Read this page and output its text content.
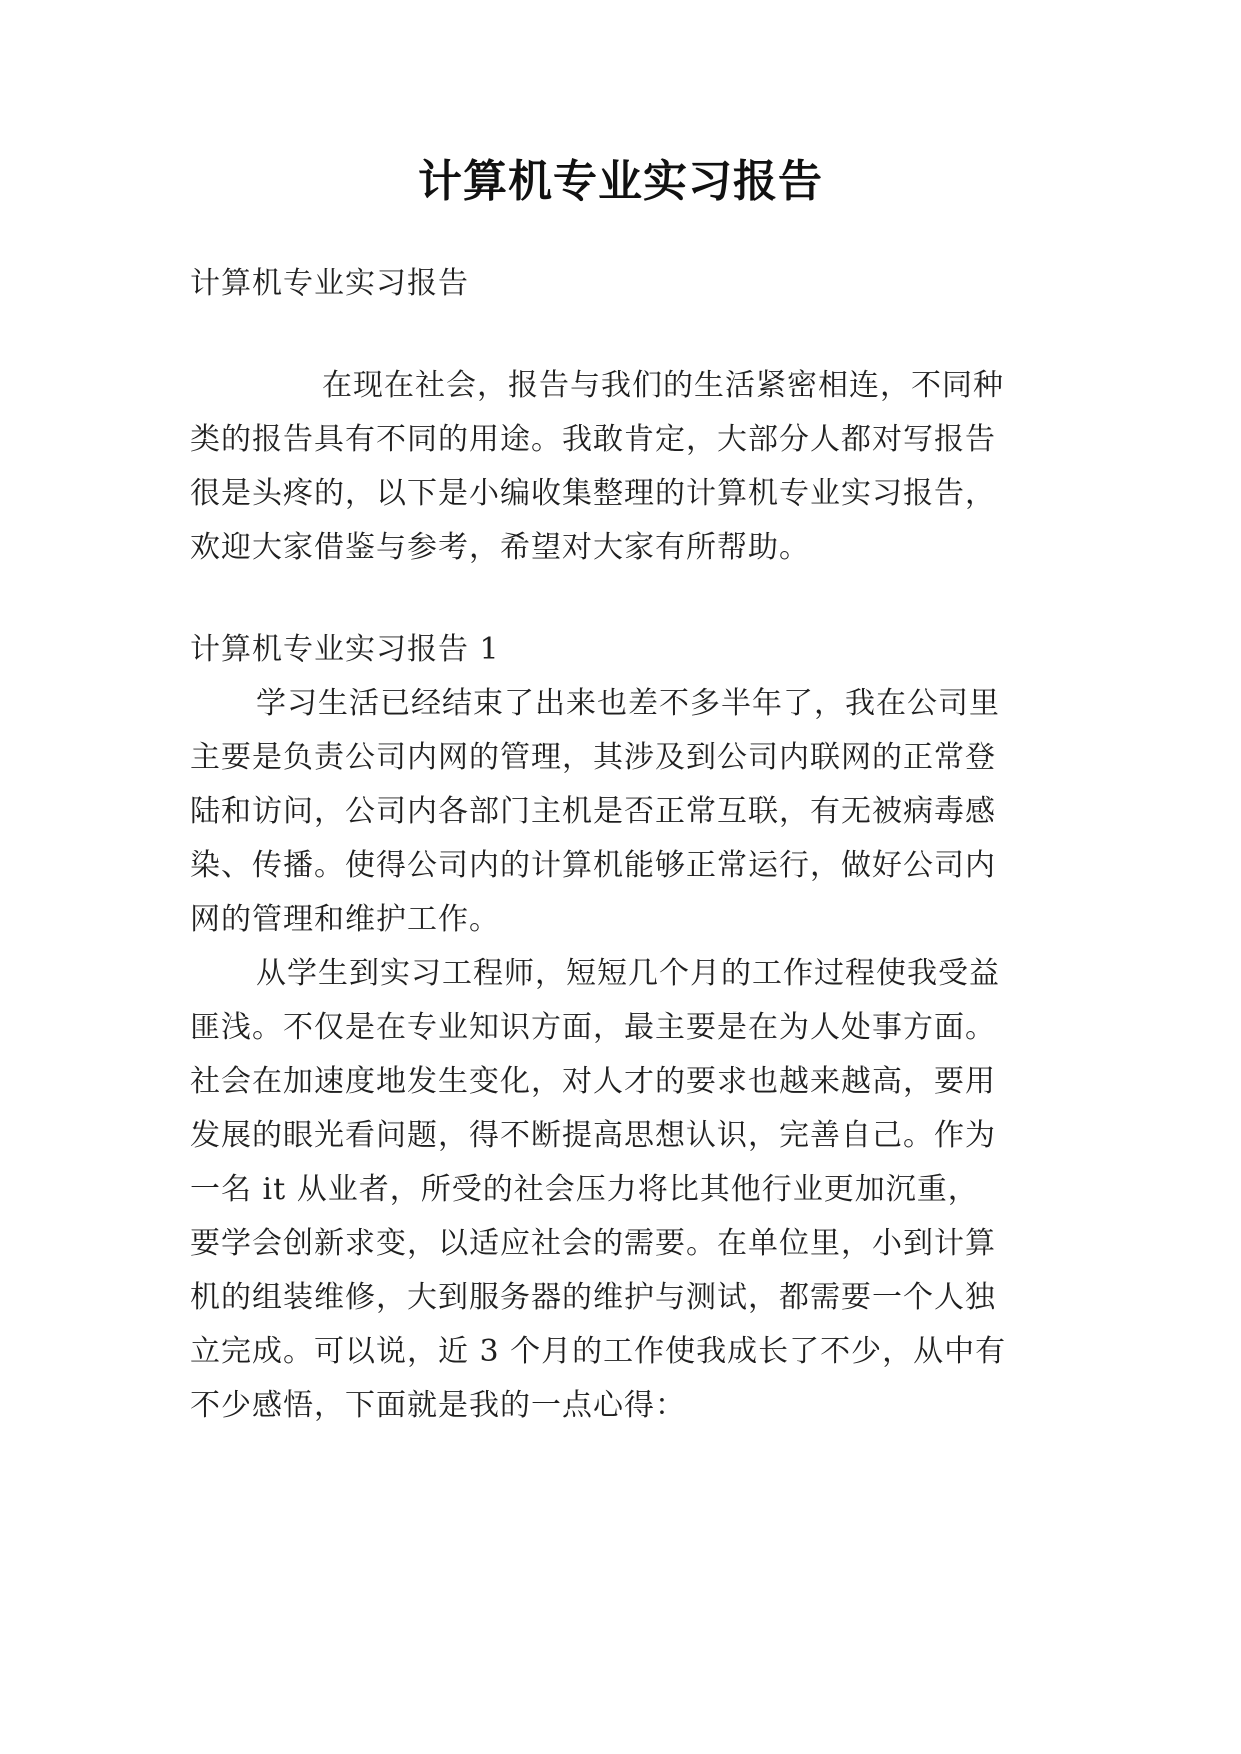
计算机专业实习报告
计算机专业实习报告
在现在社会，报告与我们的生活紧密相连，不同种
类的报告具有不同的用途。我敢肯定，大部分人都对写报告
很是头疼的，以下是小编收集整理的计算机专业实习报告，
欢迎大家借鉴与参考，希望对大家有所帮助。
计算机专业实习报告 1
学习生活已经结束了出来也差不多半年了，我在公司里
主要是负责公司内网的管理，其涉及到公司内联网的正常登
陆和访问，公司内各部门主机是否正常互联，有无被病毒感
染、传播。使得公司内的计算机能够正常运行，做好公司内
网的管理和维护工作。
从学生到实习工程师，短短几个月的工作过程使我受益
匪浅。不仅是在专业知识方面，最主要是在为人处事方面。
社会在加速度地发生变化，对人才的要求也越来越高，要用
发展的眼光看问题，得不断提高思想认识，完善自己。作为
一名 it 从业者，所受的社会压力将比其他行业更加沉重，
要学会创新求变，以适应社会的需要。在单位里，小到计算
机的组装维修，大到服务器的维护与测试，都需要一个人独
立完成。可以说，近 3 个月的工作使我成长了不少，从中有
不少感悟，下面就是我的一点心得：
